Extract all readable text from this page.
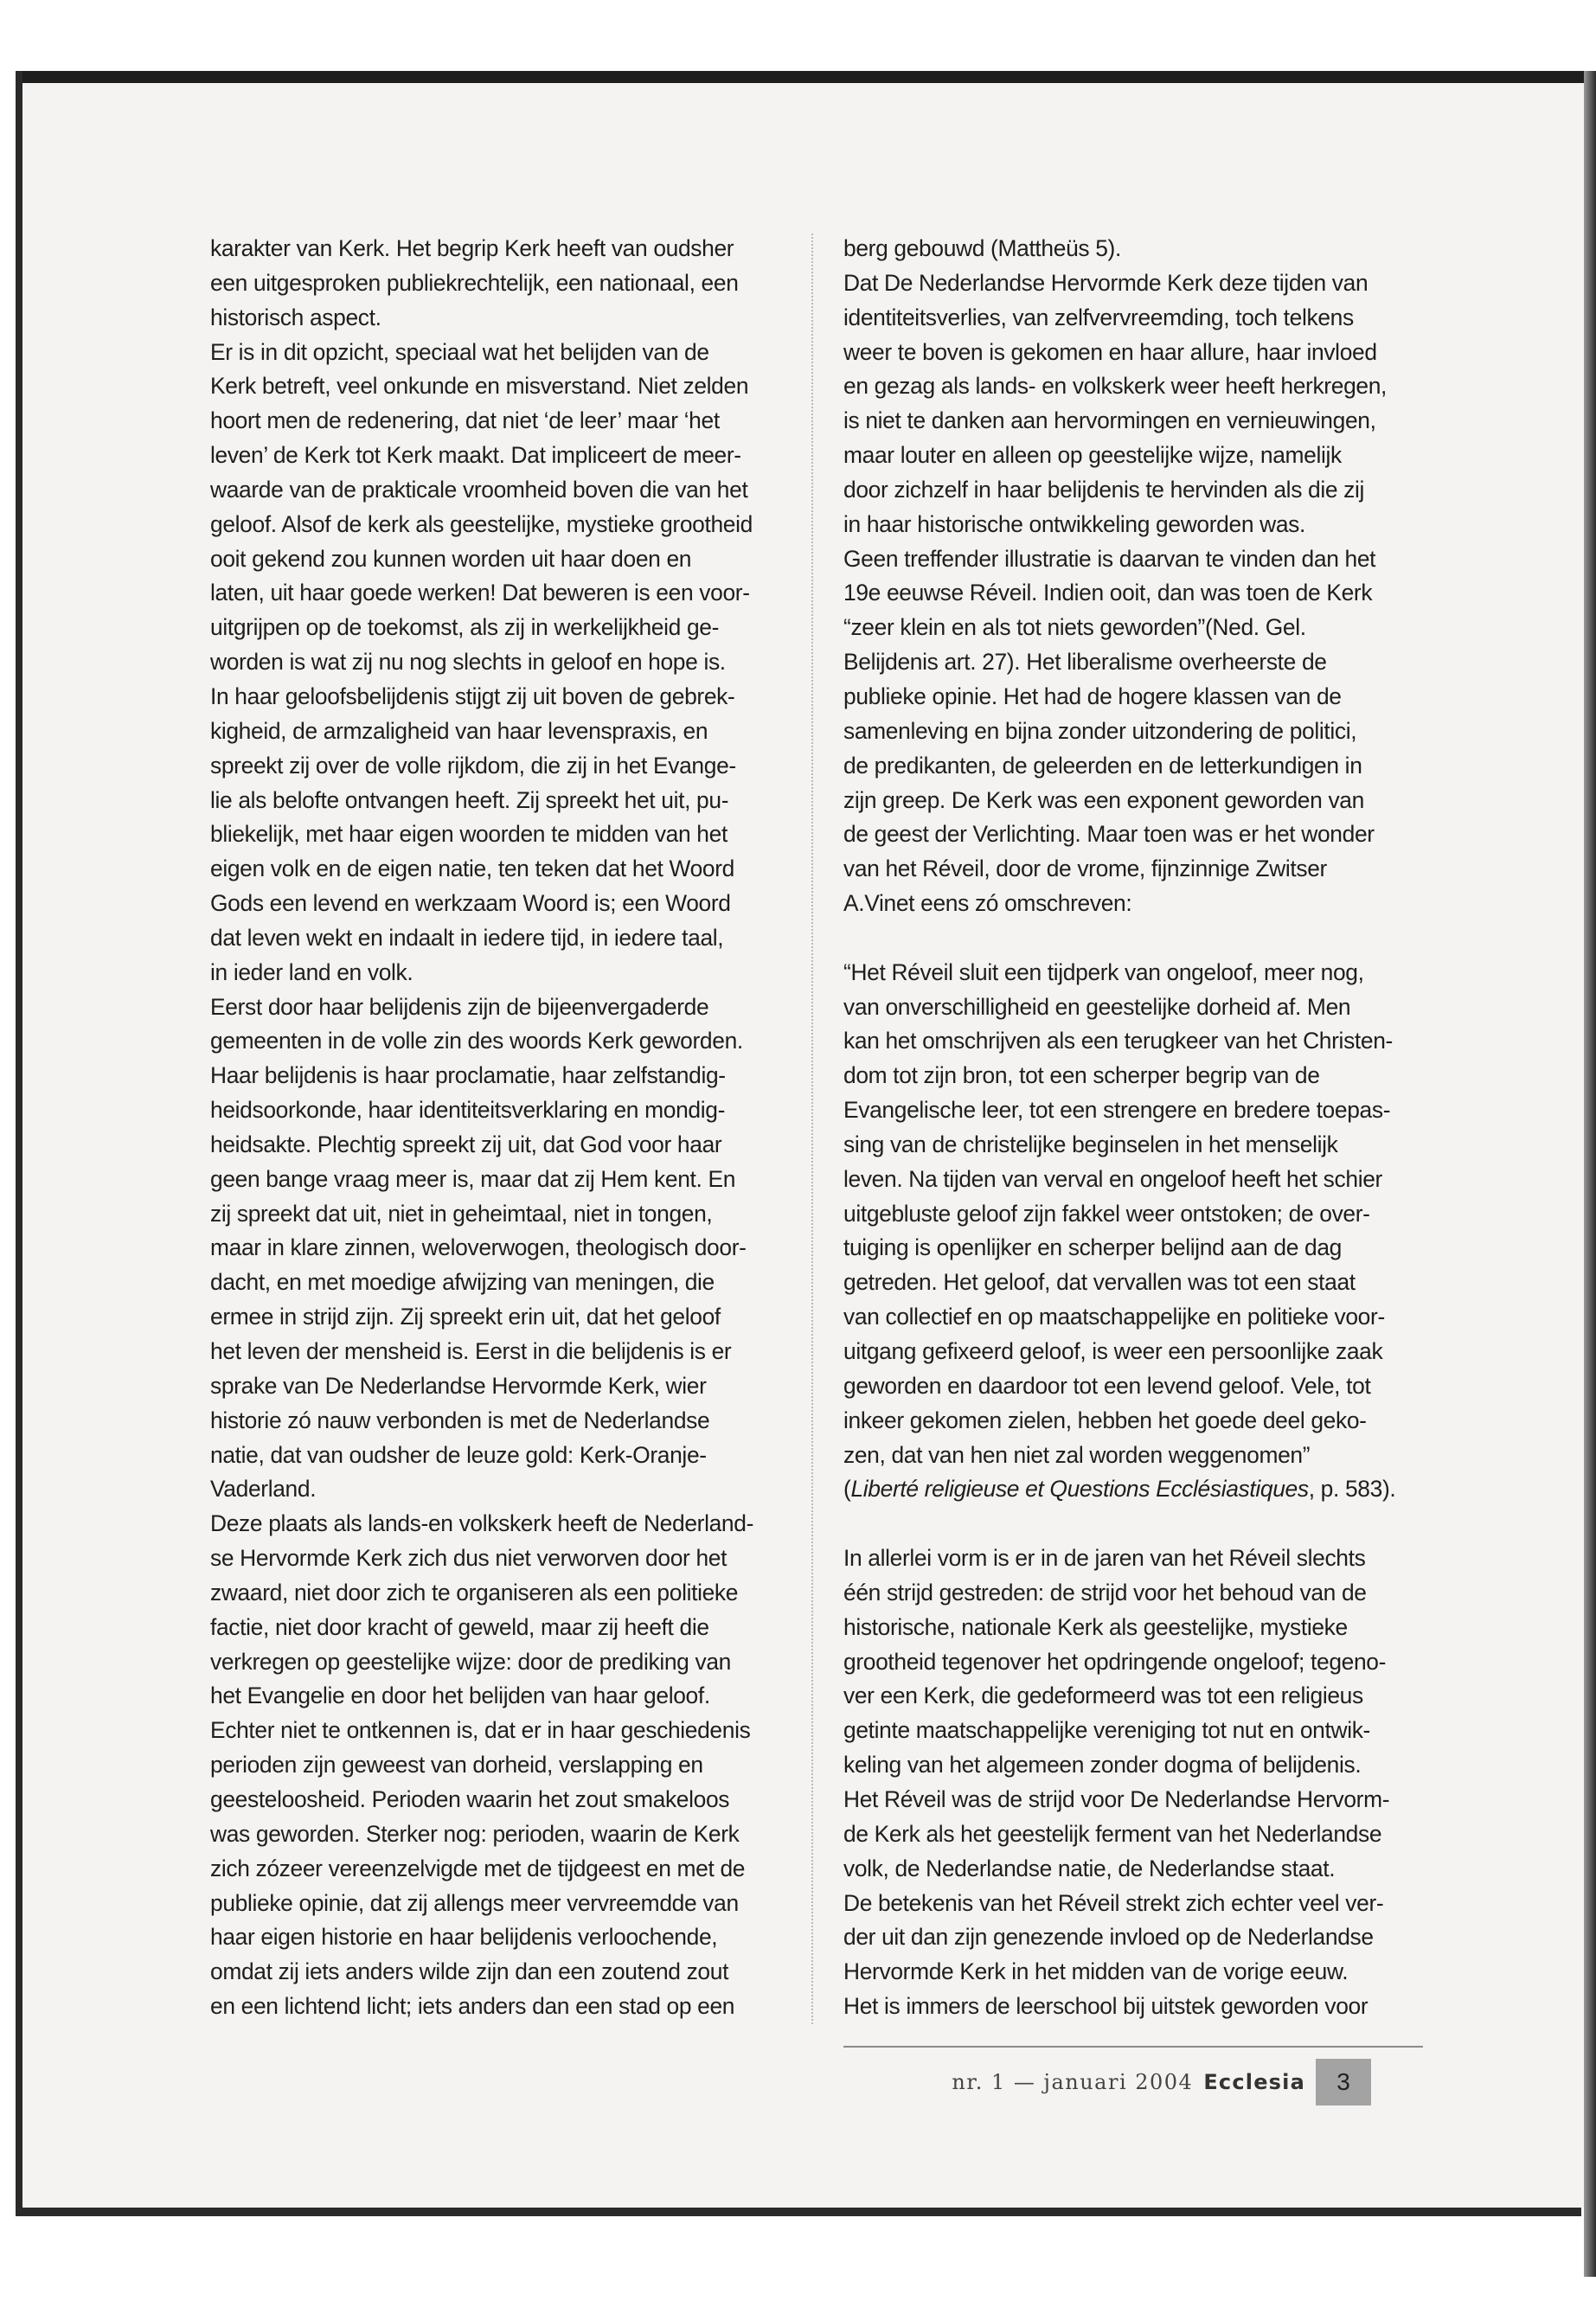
karakter van Kerk. Het begrip Kerk heeft van oudsher
een uitgesproken publiekrechtelijk, een nationaal, een
historisch aspect.
Er is in dit opzicht, speciaal wat het belijden van de
Kerk betreft, veel onkunde en misverstand. Niet zelden
hoort men de redenering, dat niet ‘de leer’ maar ‘het
leven’ de Kerk tot Kerk maakt. Dat impliceert de meer-
waarde van de prakticale vroomheid boven die van het
geloof. Alsof de kerk als geestelijke, mystieke grootheid
ooit gekend zou kunnen worden uit haar doen en
laten, uit haar goede werken! Dat beweren is een voor-
uitgrijpen op de toekomst, als zij in werkelijkheid ge-
worden is wat zij nu nog slechts in geloof en hope is.
In haar geloofsbelijdenis stijgt zij uit boven de gebrek-
kigheid, de armzaligheid van haar levenspraxis, en
spreekt zij over de volle rijkdom, die zij in het Evange-
lie als belofte ontvangen heeft. Zij spreekt het uit, pu-
bliekelijk, met haar eigen woorden te midden van het
eigen volk en de eigen natie, ten teken dat het Woord
Gods een levend en werkzaam Woord is; een Woord
dat leven wekt en indaalt in iedere tijd, in iedere taal,
in ieder land en volk.
Eerst door haar belijdenis zijn de bijeenvergaderde
gemeenten in de volle zin des woords Kerk geworden.
Haar belijdenis is haar proclamatie, haar zelfstandig-
heidsoorkonde, haar identiteitsverklaring en mondig-
heidsakte. Plechtig spreekt zij uit, dat God voor haar
geen bange vraag meer is, maar dat zij Hem kent. En
zij spreekt dat uit, niet in geheimtaal, niet in tongen,
maar in klare zinnen, weloverwogen, theologisch door-
dacht, en met moedige afwijzing van meningen, die
ermee in strijd zijn. Zij spreekt erin uit, dat het geloof
het leven der mensheid is. Eerst in die belijdenis is er
sprake van De Nederlandse Hervormde Kerk, wier
historie zó nauw verbonden is met de Nederlandse
natie, dat van oudsher de leuze gold: Kerk-Oranje-
Vaderland.
Deze plaats als lands-en volkskerk heeft de Nederland-
se Hervormde Kerk zich dus niet verworven door het
zwaard, niet door zich te organiseren als een politieke
factie, niet door kracht of geweld, maar zij heeft die
verkregen op geestelijke wijze: door de prediking van
het Evangelie en door het belijden van haar geloof.
Echter niet te ontkennen is, dat er in haar geschiedenis
perioden zijn geweest van dorheid, verslapping en
geesteloosheid. Perioden waarin het zout smakeloos
was geworden. Sterker nog: perioden, waarin de Kerk
zich zózeer vereenzelvigde met de tijdgeest en met de
publieke opinie, dat zij allengs meer vervreemdde van
haar eigen historie en haar belijdenis verloochende,
omdat zij iets anders wilde zijn dan een zoutend zout
en een lichtend licht; iets anders dan een stad op een
berg gebouwd (Mattheüs 5).
Dat De Nederlandse Hervormde Kerk deze tijden van
identiteitsverlies, van zelfvervreemding, toch telkens
weer te boven is gekomen en haar allure, haar invloed
en gezag als lands- en volkskerk weer heeft herkregen,
is niet te danken aan hervormingen en vernieuwingen,
maar louter en alleen op geestelijke wijze, namelijk
door zichzelf in haar belijdenis te hervinden als die zij
in haar historische ontwikkeling geworden was.
Geen treffender illustratie is daarvan te vinden dan het
19e eeuwse Réveil. Indien ooit, dan was toen de Kerk
“zeer klein en als tot niets geworden”(Ned. Gel.
Belijdenis art. 27). Het liberalisme overheerste de
publieke opinie. Het had de hogere klassen van de
samenleving en bijna zonder uitzondering de politici,
de predikanten, de geleerden en de letterkundigen in
zijn greep. De Kerk was een exponent geworden van
de geest der Verlichting. Maar toen was er het wonder
van het Réveil, door de vrome, fijnzinnige Zwitser
A.Vinet eens zó omschreven:
“Het Réveil sluit een tijdperk van ongeloof, meer nog,
van onverschilligheid en geestelijke dorheid af. Men
kan het omschrijven als een terugkeer van het Christen-
dom tot zijn bron, tot een scherper begrip van de
Evangelische leer, tot een strengere en bredere toepas-
sing van de christelijke beginselen in het menselijk
leven. Na tijden van verval en ongeloof heeft het schier
uitgebluste geloof zijn fakkel weer ontstoken; de over-
tuiging is openlijker en scherper belijnd aan de dag
getreden. Het geloof, dat vervallen was tot een staat
van collectief en op maatschappelijke en politieke voor-
uitgang gefixeerd geloof, is weer een persoonlijke zaak
geworden en daardoor tot een levend geloof. Vele, tot
inkeer gekomen zielen, hebben het goede deel geko-
zen, dat van hen niet zal worden weggenomen”
(Liberté religieuse et Questions Ecclésiastiques, p. 583).
In allerlei vorm is er in de jaren van het Réveil slechts
één strijd gestreden: de strijd voor het behoud van de
historische, nationale Kerk als geestelijke, mystieke
grootheid tegenover het opdringende ongeloof; tegeno-
ver een Kerk, die gedeformeerd was tot een religieus
getinte maatschappelijke vereniging tot nut en ontwik-
keling van het algemeen zonder dogma of belijdenis.
Het Réveil was de strijd voor De Nederlandse Hervorm-
de Kerk als het geestelijk ferment van het Nederlandse
volk, de Nederlandse natie, de Nederlandse staat.
De betekenis van het Réveil strekt zich echter veel ver-
der uit dan zijn genezende invloed op de Nederlandse
Hervormde Kerk in het midden van de vorige eeuw.
Het is immers de leerschool bij uitstek geworden voor
nr. 1 — januari 2004 Ecclesia	3
